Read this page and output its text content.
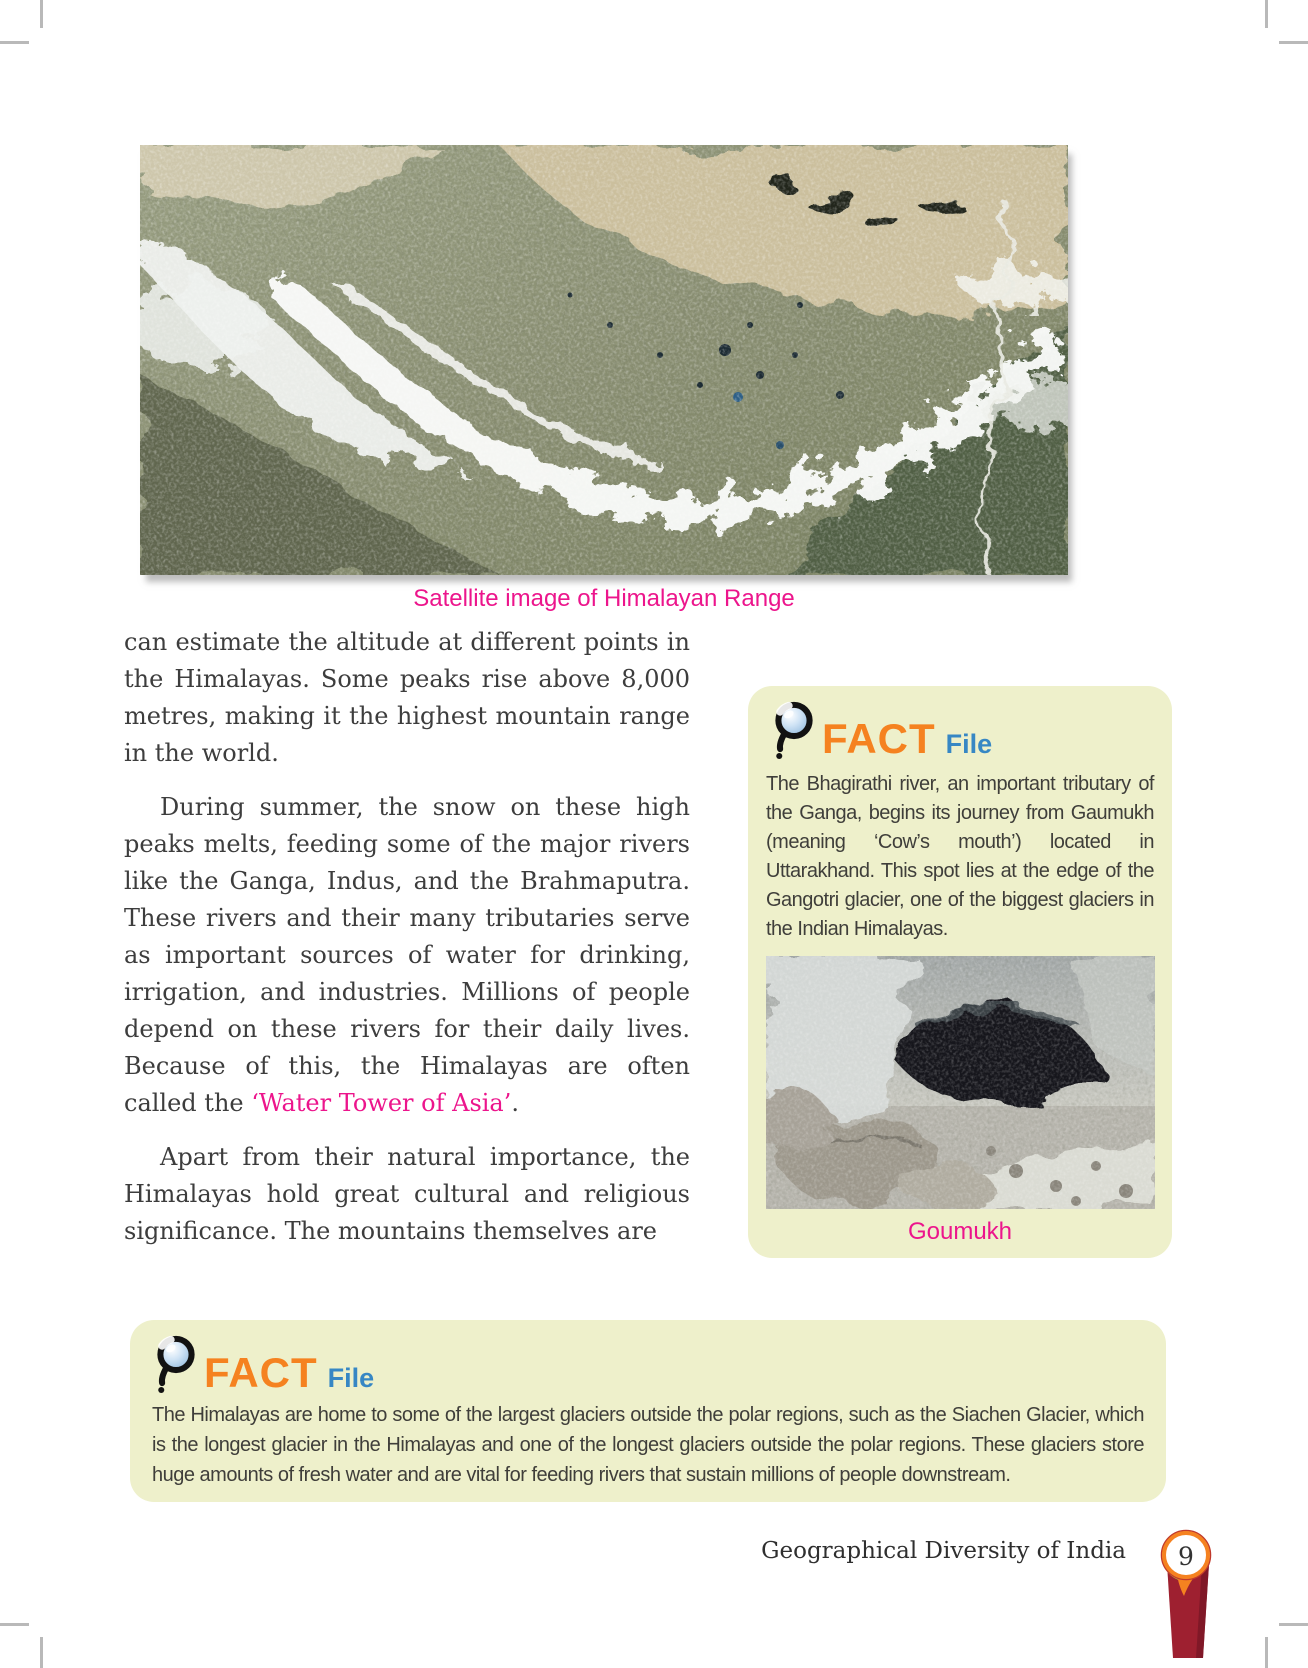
Satellite image of Himalayan Range

can estimate the altitude at different points in the Himalayas. Some peaks rise above 8,000 metres, making it the highest mountain range in the world.

During summer, the snow on these high peaks melts, feeding some of the major rivers like the Ganga, Indus, and the Brahmaputra. These rivers and their many tributaries serve as important sources of water for drinking, irrigation, and industries. Millions of people depend on these rivers for their daily lives. Because of this, the Himalayas are often called the ‘Water Tower of Asia’.

Apart from their natural importance, the Himalayas hold great cultural and religious significance. The mountains themselves are

FACT File
The Bhagirathi river, an important tributary of the Ganga, begins its journey from Gaumukh (meaning ‘Cow’s mouth’) located in Uttarakhand. This spot lies at the edge of the Gangotri glacier, one of the biggest glaciers in the Indian Himalayas.
Goumukh
FACT File
The Himalayas are home to some of the largest glaciers outside the polar regions, such as the Siachen Glacier, which is the longest glacier in the Himalayas and one of the longest glaciers outside the polar regions. These glaciers store huge amounts of fresh water and are vital for feeding rivers that sustain millions of people downstream.
Geographical Diversity of India	9
